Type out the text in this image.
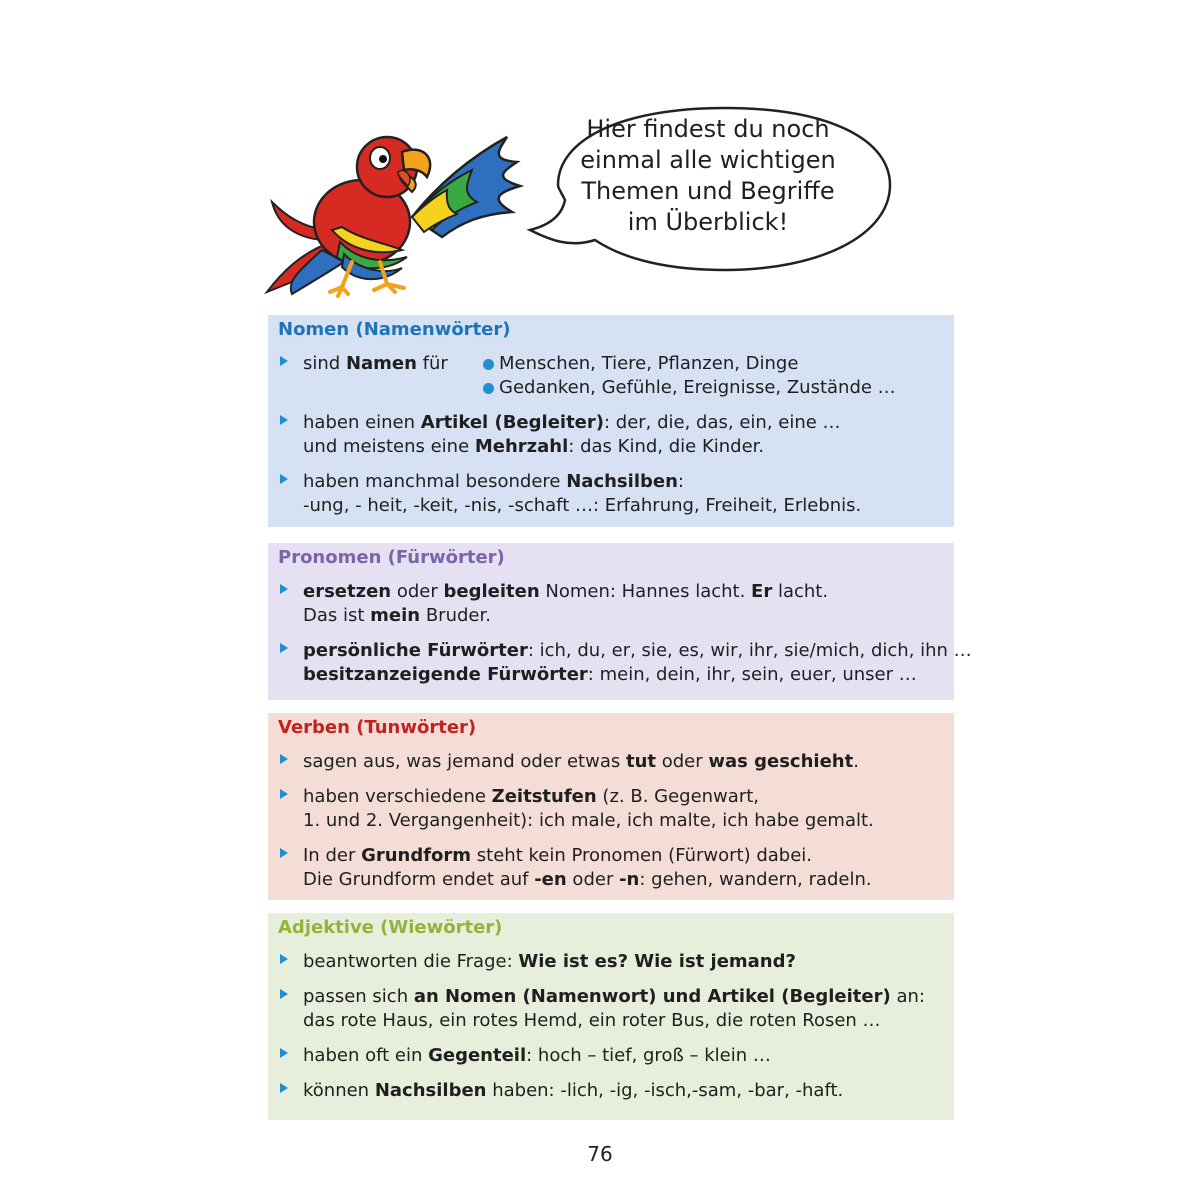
Hier findest du noch
einmal alle wichtigen
Themen und Begriffe
im Überblick!
Nomen (Namenwörter)
sind Namen für	Menschen, Tiere, Pflanzen, Dinge
Gedanken, Gefühle, Ereignisse, Zustände …

haben einen Artikel (Begleiter): der, die, das, ein, eine …

und meistens eine Mehrzahl: das Kind, die Kinder.

haben manchmal besondere Nachsilben:

-ung, - heit, -keit, -nis, -schaft …: Erfahrung, Freiheit, Erlebnis.

Pronomen (Fürwörter)

ersetzen oder begleiten Nomen: Hannes lacht. Er lacht.

Das ist mein Bruder.

persönliche Fürwörter: ich, du, er, sie, es, wir, ihr, sie/mich, dich, ihn …

besitzanzeigende Fürwörter: mein, dein, ihr, sein, euer, unser …

Verben (Tunwörter)

sagen aus, was jemand oder etwas tut oder was geschieht.

haben verschiedene Zeitstufen (z. B. Gegenwart,

1. und 2. Vergangenheit): ich male, ich malte, ich habe gemalt.

In der Grundform steht kein Pronomen (Fürwort) dabei.

Die Grundform endet auf -en oder -n: gehen, wandern, radeln.

Adjektive (Wiewörter)

beantworten die Frage: Wie ist es? Wie ist jemand?

passen sich an Nomen (Namenwort) und Artikel (Begleiter) an:

das rote Haus, ein rotes Hemd, ein roter Bus, die roten Rosen …

haben oft ein Gegenteil: hoch – tief, groß – klein …

können Nachsilben haben: -lich, -ig, -isch,-sam, -bar, -haft.

76
